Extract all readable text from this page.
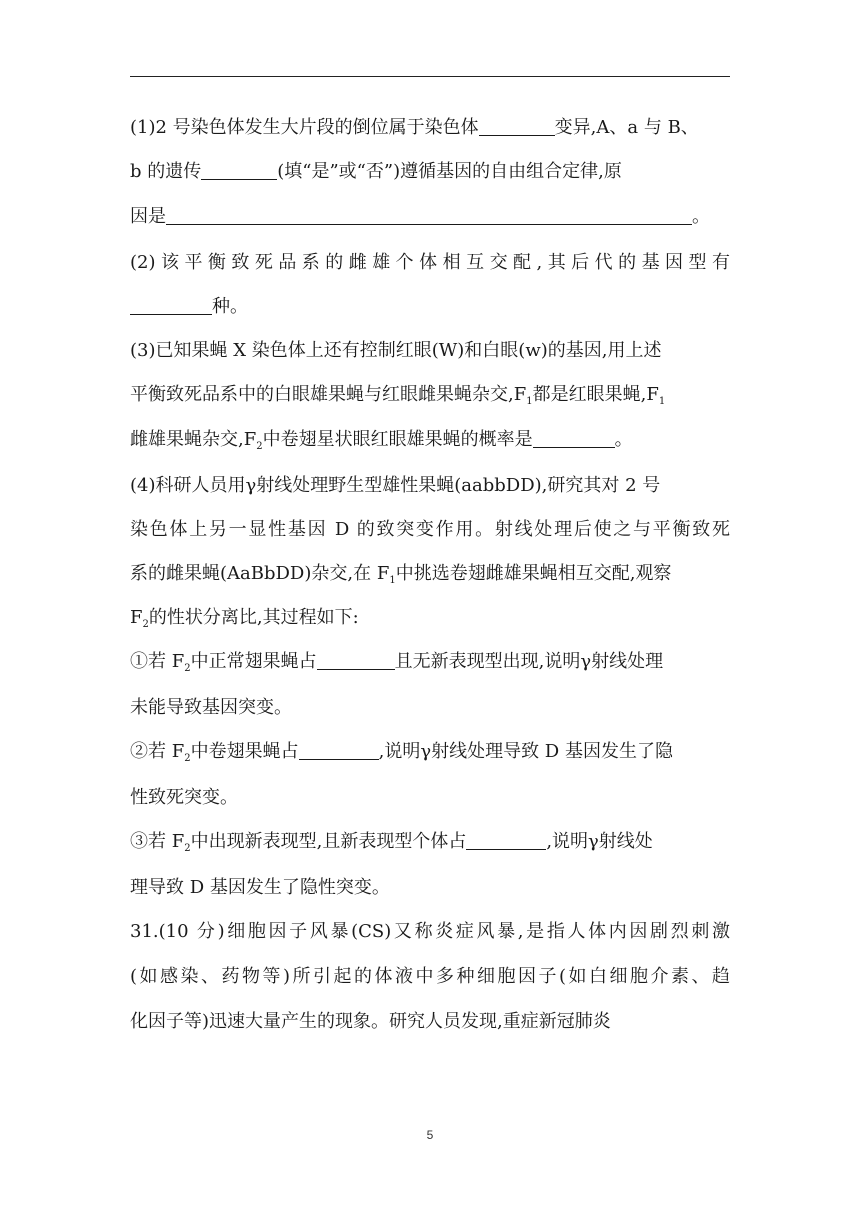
(1)2 号染色体发生大片段的倒位属于染色体	变异,A、a 与 B、
b 的遗传	(填“是”或“否”)遵循基因的自由组合定律,原
因是	。
(2)该平衡致死品系的雌雄个体相互交配,其后代的基因型有
种。
(3)已知果蝇 X 染色体上还有控制红眼(W)和白眼(w)的基因,用上述
平衡致死品系中的白眼雄果蝇与红眼雌果蝇杂交$,F_1$都是红眼果蝇$,F_1$
雌雄果蝇杂交$,F_2$中卷翅星状眼红眼雄果蝇的概率是	。
(4)科研人员用γ射线处理野生型雄性果蝇(aabbDD),研究其对 2 号
染色体上另一显性基因 D 的致突变作用。射线处理后使之与平衡致死
系的雌果蝇(AaBbDD)杂交,在 $F_1$中挑选卷翅雌雄果蝇相互交配,观察
$F_2$的性状分离比,其过程如下:
①若 $F_2$中正常翅果蝇占	且无新表现型出现,说明γ射线处理
未能导致基因突变。
②若 $F_2$中卷翅果蝇占	,说明γ射线处理导致 D 基因发生了隐
性致死突变。
③若 $F_2$中出现新表现型,且新表现型个体占	,说明γ射线处
理导致 D 基因发生了隐性突变。
31.(10 分)细胞因子风暴(CS)又称炎症风暴,是指人体内因剧烈刺激
(如感染、药物等)所引起的体液中多种细胞因子(如白细胞介素、趋
化因子等)迅速大量产生的现象。研究人员发现,重症新冠肺炎
5
